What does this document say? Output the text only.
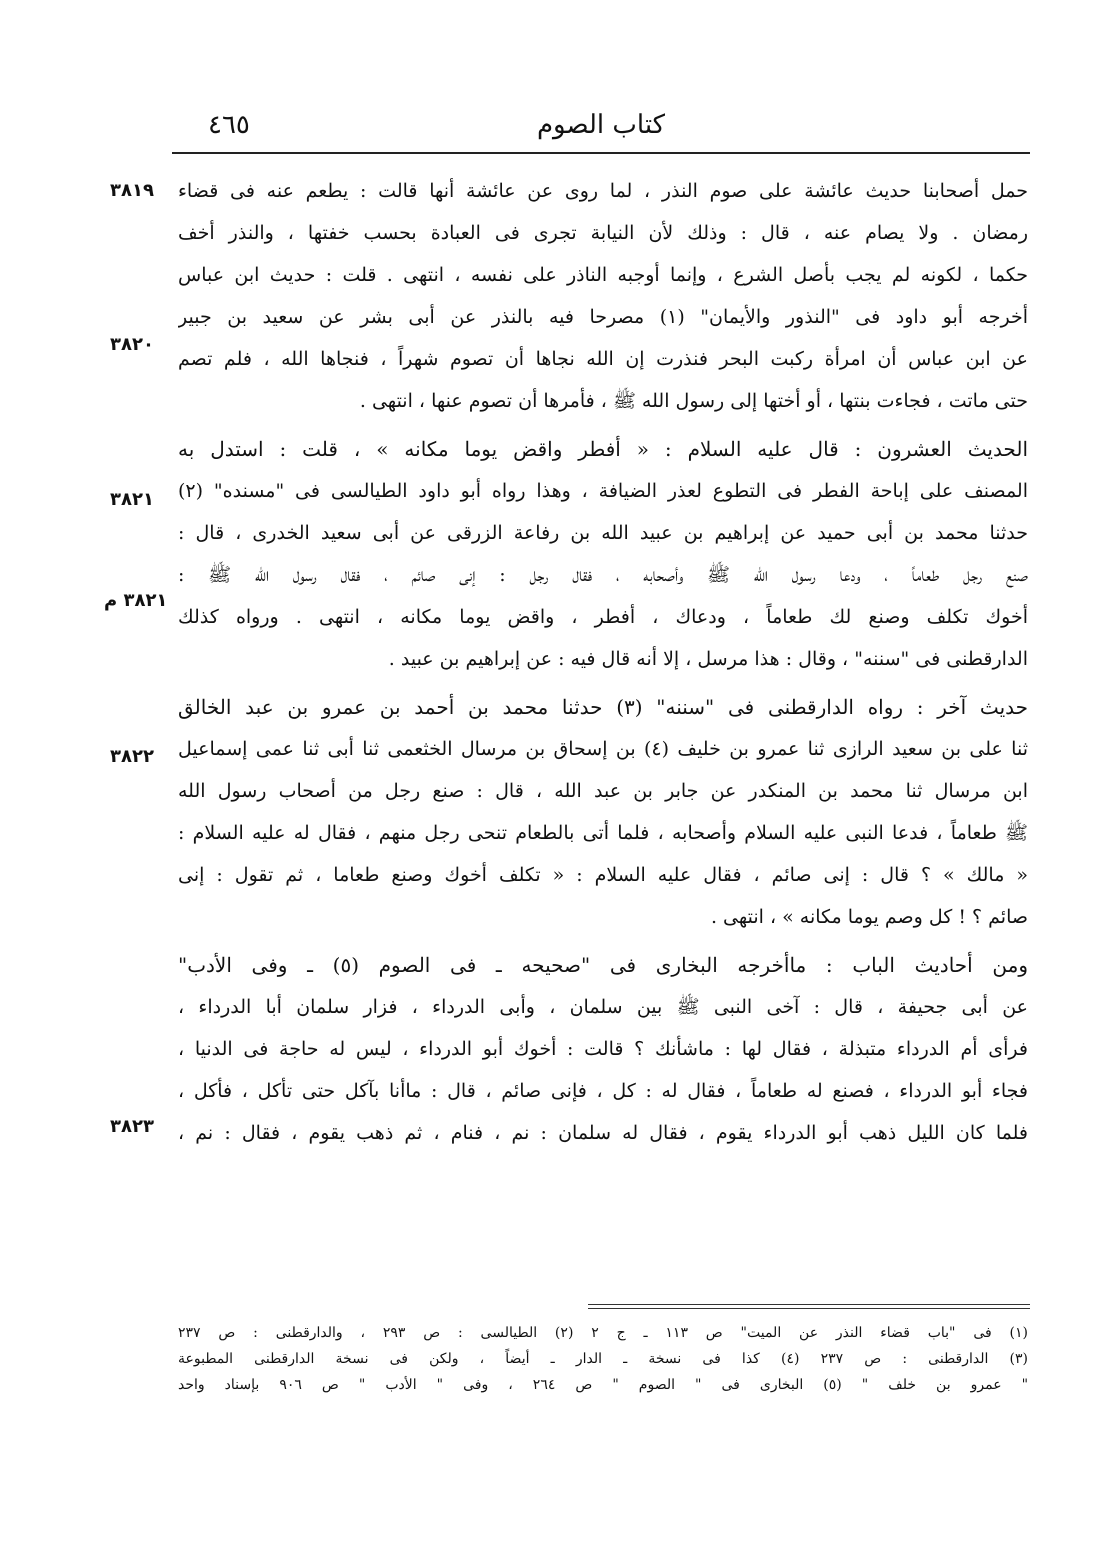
كتاب الصوم
٤٦٥
٣٨١٩
٣٨٢٠
٣٨٢١
٣٨٢١ م
٣٨٢٢
٣٨٢٣
حمل أصحابنا حديث عائشة على صوم النذر ، لما روى عن عائشة أنها قالت : يطعم عنه فى قضاء
رمضان . ولا يصام عنه ، قال : وذلك لأن النيابة تجرى فى العبادة بحسب خفتها ، والنذر أخف
حكما ، لكونه لم يجب بأصل الشرع ، وإنما أوجبه الناذر على نفسه ، انتهى . قلت : حديث ابن عباس
أخرجه أبو داود فى "النذور والأيمان" (١) مصرحا فيه بالنذر عن أبى بشر عن سعيد بن جبير
عن ابن عباس أن امرأة ركبت البحر فنذرت إن الله نجاها أن تصوم شهراً ، فنجاها الله ، فلم تصم
حتى ماتت ، فجاءت بنتها ، أو أختها إلى رسول الله ﷺ ، فأمرها أن تصوم عنها ، انتهى .
الحديث العشرون : قال عليه السلام : « أفطر واقض يوما مكانه » ، قلت : استدل به
المصنف على إباحة الفطر فى التطوع لعذر الضيافة ، وهذا رواه أبو داود الطيالسى فى "مسنده" (٢)
حدثنا محمد بن أبى حميد عن إبراهيم بن عبيد الله بن رفاعة الزرقى عن أبى سعيد الخدرى ، قال :
صنع رجل طعاماً ، ودعا رسول الله ﷺ وأصحابه ، فقال رجل : إنى صائم ، فقال رسول الله ﷺ :
أخوك تكلف وصنع لك طعاماً ، ودعاك ، أفطر ، واقض يوما مكانه ، انتهى . ورواه كذلك
الدارقطنى فى "سننه" ، وقال : هذا مرسل ، إلا أنه قال فيه : عن إبراهيم بن عبيد .
حديث آخر : رواه الدارقطنى فى "سننه" (٣) حدثنا محمد بن أحمد بن عمرو بن عبد الخالق
ثنا على بن سعيد الرازى ثنا عمرو بن خليف (٤) بن إسحاق بن مرسال الخثعمى ثنا أبى ثنا عمى إسماعيل
ابن مرسال ثنا محمد بن المنكدر عن جابر بن عبد الله ، قال : صنع رجل من أصحاب رسول الله
ﷺ طعاماً ، فدعا النبى عليه السلام وأصحابه ، فلما أتى بالطعام تنحى رجل منهم ، فقال له عليه السلام :
« مالك » ؟ قال : إنى صائم ، فقال عليه السلام : « تكلف أخوك وصنع طعاما ، ثم تقول : إنى
صائم ؟ ! كل وصم يوما مكانه » ، انتهى .
ومن أحاديث الباب : ماأخرجه البخارى فى "صحيحه ـ فى الصوم (٥) ـ وفى الأدب"
عن أبى جحيفة ، قال : آخى النبى ﷺ بين سلمان ، وأبى الدرداء ، فزار سلمان أبا الدرداء ،
فرأى أم الدرداء متبذلة ، فقال لها : ماشأنك ؟ قالت : أخوك أبو الدرداء ، ليس له حاجة فى الدنيا ،
فجاء أبو الدرداء ، فصنع له طعاماً ، فقال له : كل ، فإنى صائم ، قال : ماأنا بآكل حتى تأكل ، فأكل ،
فلما كان الليل ذهب أبو الدرداء يقوم ، فقال له سلمان : نم ، فنام ، ثم ذهب يقوم ، فقال : نم ،
(١) فى "باب قضاء النذر عن الميت" ص ١١٣ ـ ج ٢ (٢) الطيالسى : ص ٢٩٣ ، والدارقطنى : ص ٢٣٧
(٣) الدارقطنى : ص ٢٣٧ (٤) كذا فى نسخة ـ الدار ـ أيضاً ، ولكن فى نسخة الدارقطنى المطبوعة
" عمرو بن خلف " (٥) البخارى فى " الصوم " ص ٢٦٤ ، وفى " الأدب " ص ٩٠٦ بإسناد واحد
